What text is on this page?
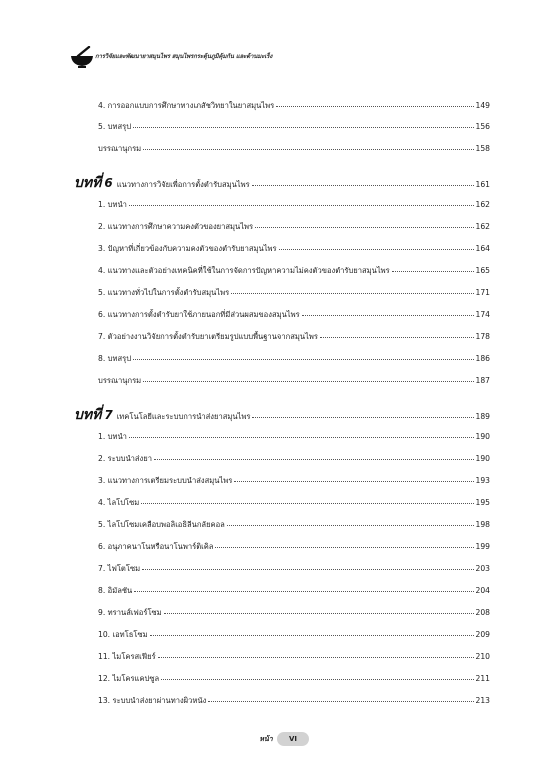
การวิจัยและพัฒนายาสมุนไพร สมุนไพรกระตุ้นภูมิคุ้มกัน และต้านมะเร็ง
4. การออกแบบการศึกษาทางเภสัชวิทยาในยาสมุนไพร	149
5. บทสรุป	156
บรรณานุกรม	158
บทที่ 6 แนวทางการวิจัยเพื่อการตั้งตำรับสมุนไพร	161
1. บทนำ	162
2. แนวทางการศึกษาความคงตัวของยาสมุนไพร	162
3. ปัญหาที่เกี่ยวข้องกับความคงตัวของตำรับยาสมุนไพร	164
4. แนวทางและตัวอย่างเทคนิคที่ใช้ในการจัดการปัญหาความไม่คงตัวของตำรับยาสมุนไพร	165
5. แนวทางทั่วไปในการตั้งตำรับสมุนไพร	171
6. แนวทางการตั้งตำรับยาใช้ภายนอกที่มีส่วนผสมของสมุนไพร	174
7. ตัวอย่างงานวิจัยการตั้งตำรับยาเตรียมรูปแบบพื้นฐานจากสมุนไพร	178
8. บทสรุป	186
บรรณานุกรม	187
บทที่ 7 เทคโนโลยีและระบบการนำส่งยาสมุนไพร	189
1. บทนำ	190
2. ระบบนำส่งยา	190
3. แนวทางการเตรียมระบบนำส่งสมุนไพร	193
4. ไลโปโซม	195
5. ไลโปโซมเคลือบพอลิเอธิลีนกลัยคอล	198
6. อนุภาคนาโนหรือนาโนพาร์ติเคิล	199
7. ไฟโตโซม	203
8. อิมัลชัน	204
9. ทรานส์เฟอร์โซม	208
10. เอทโธโซม	209
11. ไมโครสเฟียร์	210
12. ไมโครแคปซูล	211
13. ระบบนำส่งยาผ่านทางผิวหนัง	213
หน้า	VI
